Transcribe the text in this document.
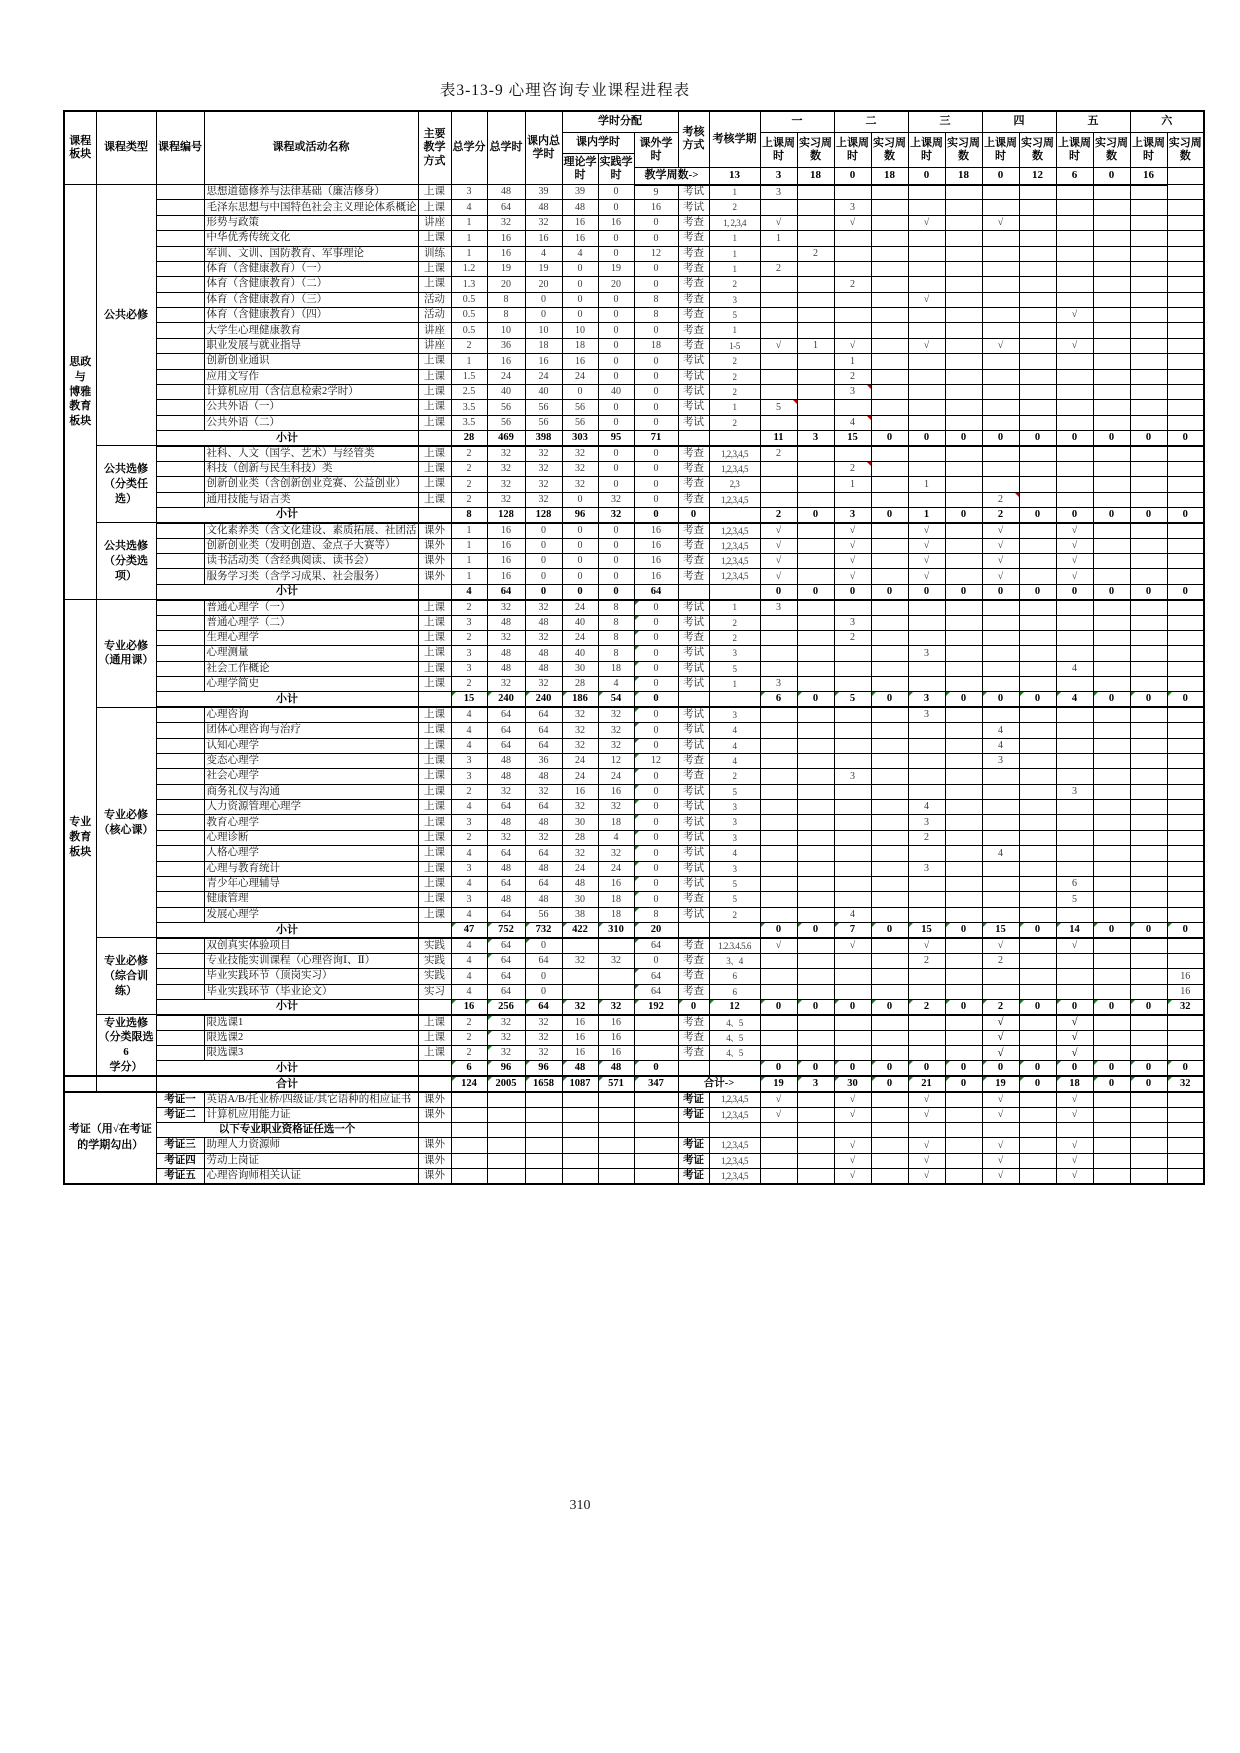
表3-13-9 心理咨询专业课程进程表
课程板块	课程类型	课程编号	课程或活动名称	主要教学方式	总学分	总学时	课内总学时	学时分配			考核方式	考核学期	一		二		三		四		五		六	
								课内学时		课外学时			上课周时	实习周数	上课周时	实习周数	上课周时	实习周数	上课周时	实习周数	上课周时	实习周数	上课周时	实习周数
								理论学时	实践学时															
										教学周数->		13	3	18	0	18	0	18	0	12	6	0	16	
思政
与
博雅
教育
板块	公共必修		思想道德修养与法律基础（廉洁修身）	上课	3	48	39	39	0	9	考试	1	3											
			毛泽东思想与中国特色社会主义理论体系概论	上课	4	64	48	48	0	16	考试	2			3									
			形势与政策	讲座	1	32	32	16	16	0	考查	1, 2,3,4	√		√		√		√					
			中华优秀传统文化	上课	1	16	16	16	0	0	考查	1	1											
			军训、文训、国防教育、军事理论	训练	1	16	4	4	0	12	考查	1		2										
			体育（含健康教育）（一）	上课	1.2	19	19	0	19	0	考查	1	2											
			体育（含健康教育）（二）	上课	1.3	20	20	0	20	0	考查	2			2									
			体育（含健康教育）（三）	活动	0.5	8	0	0	0	8	考查	3					√							
			体育（含健康教育）（四）	活动	0.5	8	0	0	0	8	考查	5									√			
			大学生心理健康教育	讲座	0.5	10	10	10	0	0	考查	1												
			职业发展与就业指导	讲座	2	36	18	18	0	18	考查	1-5	√	1	√		√		√		√			
			创新创业通识	上课	1	16	16	16	0	0	考试	2			1									
			应用文写作	上课	1.5	24	24	24	0	0	考试	2			2									
			计算机应用（含信息检索2学时）	上课	2.5	40	40	0	40	0	考试	2			3									
			公共外语（一）	上课	3.5	56	56	56	0	0	考试	1	5											
			公共外语（二）	上课	3.5	56	56	56	0	0	考试	2			4									
		小计			28	469	398	303	95	71			11	3	15	0	0	0	0	0	0	0	0	0
	公共选修
（分类任
选）		社科、人文（国学、艺术）与经管类	上课	2	32	32	32	0	0	考查	1,2,3,4,5	2											
			科技（创新与民生科技）类	上课	2	32	32	32	0	0	考查	1,2,3,4,5			2									
			创新创业类（含创新创业竞赛、公益创业）	上课	2	32	32	32	0	0	考查	2,3			1		1							
			通用技能与语言类	上课	2	32	32	0	32	0	考查	1,2,3,4,5							2					
		小计			8	128	128	96	32	0	0		2	0	3	0	1	0	2	0	0	0	0	0
	公共选修
（分类选
项）		文化素养类（含文化建设、素质拓展、社团活	课外	1	16	0	0	0	16	考查	1,2,3,4,5	√		√		√		√		√			
			创新创业类（发明创造、金点子大赛等）	课外	1	16	0	0	0	16	考查	1,2,3,4,5	√		√		√		√		√			
			读书活动类（含经典阅读、读书会）	课外	1	16	0	0	0	16	考查	1,2,3,4,5	√		√		√		√		√			
			服务学习类（含学习成果、社会服务）	课外	1	16	0	0	0	16	考查	1,2,3,4,5	√		√		√		√		√			
		小计			4	64	0	0	0	64			0	0	0	0	0	0	0	0	0	0	0	0
专业
教育
板块	专业必修
（通用课）		普通心理学（一）	上课	2	32	32	24	8	0	考试	1	3											
			普通心理学（二）	上课	3	48	48	40	8	0	考试	2			3									
			生理心理学	上课	2	32	32	24	8	0	考查	2			2									
			心理测量	上课	3	48	48	40	8	0	考试	3					3							
			社会工作概论	上课	3	48	48	30	18	0	考试	5									4			
			心理学简史	上课	2	32	32	28	4	0	考试	1	3											
		小计			15	240	240	186	54	0			6	0	5	0	3	0	0	0	4	0	0	0
	专业必修
（核心课）		心理咨询	上课	4	64	64	32	32	0	考试	3					3							
			团体心理咨询与治疗	上课	4	64	64	32	32	0	考试	4							4					
			认知心理学	上课	4	64	64	32	32	0	考试	4							4					
			变态心理学	上课	3	48	36	24	12	12	考查	4							3					
			社会心理学	上课	3	48	48	24	24	0	考查	2			3									
			商务礼仪与沟通	上课	2	32	32	16	16	0	考试	5									3			
			人力资源管理心理学	上课	4	64	64	32	32	0	考试	3					4							
			教育心理学	上课	3	48	48	30	18	0	考试	3					3							
			心理诊断	上课	2	32	32	28	4	0	考试	3					2							
			人格心理学	上课	4	64	64	32	32	0	考试	4							4					
			心理与教育统计	上课	3	48	48	24	24	0	考试	3					3							
			青少年心理辅导	上课	4	64	64	48	16	0	考试	5									6			
			健康管理	上课	3	48	48	30	18	0	考查	5									5			
			发展心理学	上课	4	64	56	38	18	8	考试	2			4									
		小计			47	752	732	422	310	20			0	0	7	0	15	0	15	0	14	0	0	0
	专业必修
（综合训
练）		双创真实体验项目	实践	4	64	0			64	考查	1.2.3.4.5.6	√		√		√		√		√			
			专业技能实训课程（心理咨询Ⅰ、Ⅱ）	实践	4	64	64	32	32	0	考查	3、4					2		2					
			毕业实践环节（顶岗实习）	实践	4	64	0			64	考查	6												16
			毕业实践环节（毕业论文）	实习	4	64	0			64	考查	6												16
		小计			16	256	64	32	32	192	0	12	0	0	0	0	2	0	2	0	0	0	0	32
	专业选修
（分类限选6
学分）		限选课1	上课	2	32	32	16	16		考查	4、5							√		√			
			限选课2	上课	2	32	32	16	16		考查	4、5							√		√			
			限选课3	上课	2	32	32	16	16		考查	4、5							√		√			
		小计			6	96	96	48	48	0			0	0	0	0	0	0	0	0	0	0	0	0
		合计			124	2005	1658	1087	571	347	合计->		19	3	30	0	21	0	19	0	18	0	0	32
考证（用√在考证的学期勾出）		考证一	英语A/B/托业桥/四级证/其它语种的相应证书	课外							考证	1,2,3,4,5	√		√		√		√		√			
		考证二	计算机应用能力证	课外							考证	1,2,3,4,5	√		√		√		√		√			
		以下专业职业资格证任选一个																						
		考证三	助理人力资源师	课外							考证	1,2,3,4,5			√		√		√		√			
		考证四	劳动上岗证	课外							考证	1,2,3,4,5			√		√		√		√			
		考证五	心理咨询师相关认证	课外							考证	1,2,3,4,5			√		√		√		√			
310
